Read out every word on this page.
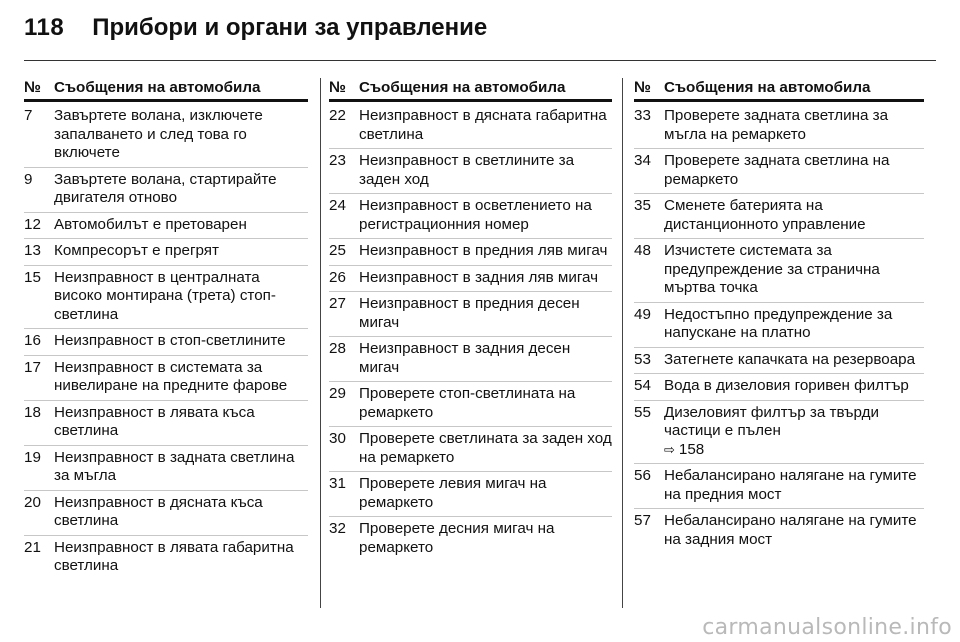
118 Прибори и органи за управление
№ Съобщения на автомобила
7	Завъртете волана, изключете запалването и след това го включете
9	Завъртете волана, стартирайте двигателя отново
12 Автомобилът е претоварен
13 Компресорът е прегрят
15 Неизправност в централната високо монтирана (трета) стоп-светлина
16 Неизправност в стоп-светлините
17 Неизправност в системата за нивелиране на предните фарове
18 Неизправност в лявата къса светлина
19 Неизправност в задната светлина за мъгла
20 Неизправност в дясната къса светлина
21 Неизправност в лявата габаритна светлина
№ Съобщения на автомобила
22 Неизправност в дясната габаритна светлина
23 Неизправност в светлините за заден ход
24 Неизправност в осветлението на регистрационния номер
25 Неизправност в предния ляв мигач
26 Неизправност в задния ляв мигач
27 Неизправност в предния десен мигач
28 Неизправност в задния десен мигач
29 Проверете стоп-светлината на ремаркето
30 Проверете светлината за заден ход на ремаркето
31 Проверете левия мигач на ремаркето
32 Проверете десния мигач на ремаркето
№ Съобщения на автомобила
33 Проверете задната светлина за мъгла на ремаркето
34 Проверете задната светлина на ремаркето
35 Сменете батерията на дистанционното управление
48 Изчистете системата за предупреждение за странична мъртва точка
49 Недостъпно предупреждение за напускане на платно
53 Затегнете капачката на резервоара
54 Вода в дизеловия горивен филтър
55 Дизеловият филтър за твърди частици е пълен
⇨ 158
56 Небалансирано налягане на гумите на предния мост
57 Небалансирано налягане на гумите на задния мост
carmanualsonline.info
